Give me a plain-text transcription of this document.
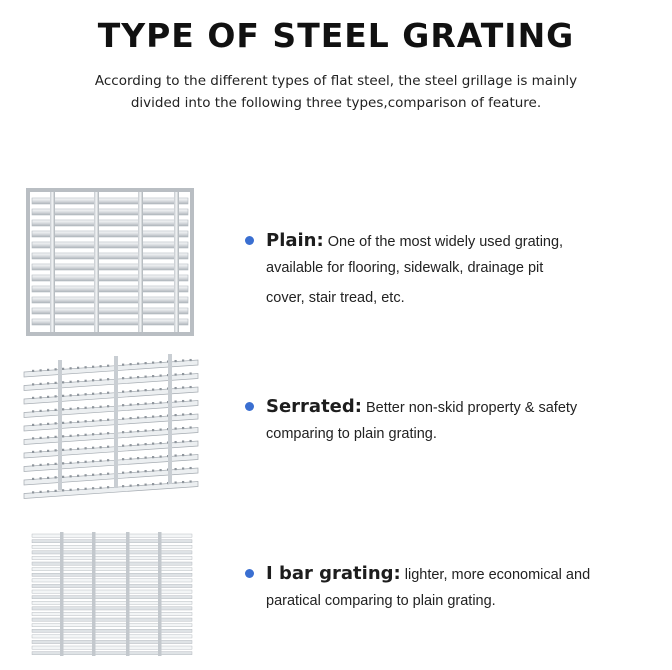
TYPE OF STEEL GRATING
According to the different types of flat steel, the steel grillage is mainly
divided into the following three types,comparison of feature.
Plain: One of the most widely used grating,
available for flooring, sidewalk, drainage pit
cover, stair tread, etc.
Serrated: Better non-skid property & safety
comparing to plain grating.
I bar grating: lighter, more economical and
paratical comparing to plain grating.
